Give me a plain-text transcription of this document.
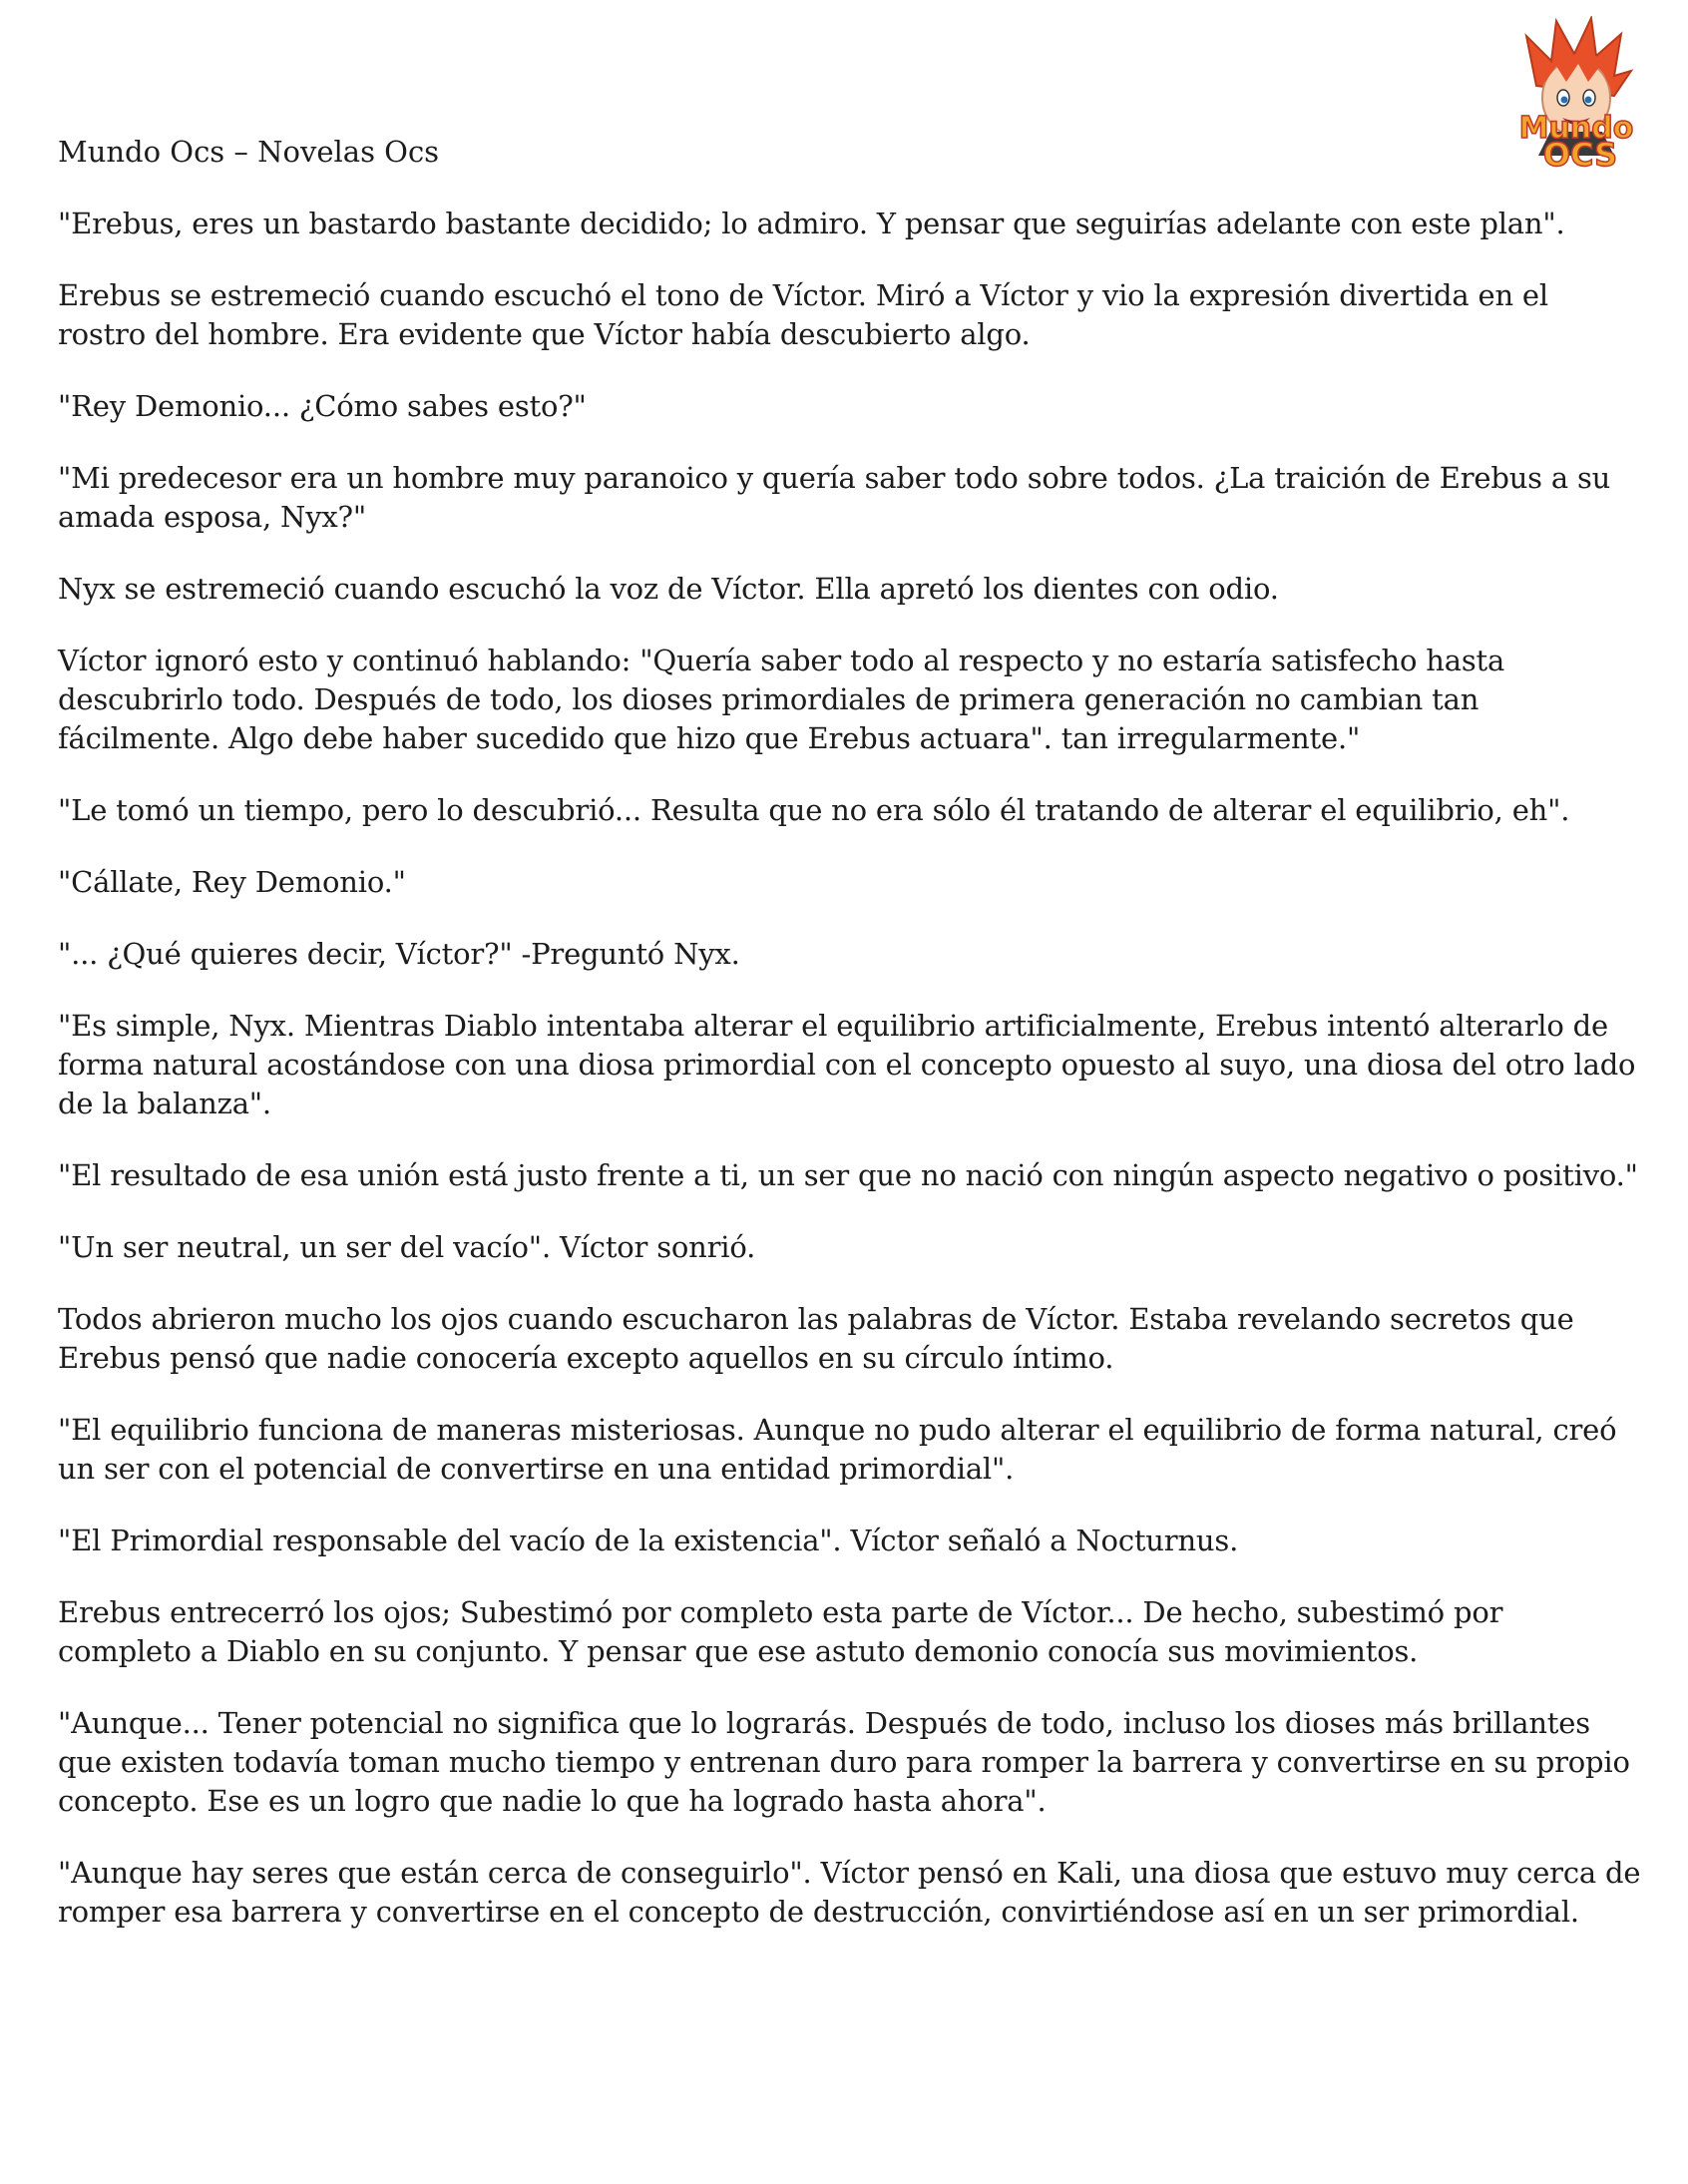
Mundo
OCS
Mundo Ocs – Novelas Ocs

"Erebus, eres un bastardo bastante decidido; lo admiro. Y pensar que seguirías adelante con este plan".

Erebus se estremeció cuando escuchó el tono de Víctor. Miró a Víctor y vio la expresión divertida en el rostro del hombre. Era evidente que Víctor había descubierto algo.

"Rey Demonio... ¿Cómo sabes esto?"

"Mi predecesor era un hombre muy paranoico y quería saber todo sobre todos. ¿La traición de Erebus a su amada esposa, Nyx?"

Nyx se estremeció cuando escuchó la voz de Víctor. Ella apretó los dientes con odio.

Víctor ignoró esto y continuó hablando: "Quería saber todo al respecto y no estaría satisfecho hasta descubrirlo todo. Después de todo, los dioses primordiales de primera generación no cambian tan fácilmente. Algo debe haber sucedido que hizo que Erebus actuara". tan irregularmente."

"Le tomó un tiempo, pero lo descubrió... Resulta que no era sólo él tratando de alterar el equilibrio, eh".

"Cállate, Rey Demonio."

"... ¿Qué quieres decir, Víctor?" -Preguntó Nyx.

"Es simple, Nyx. Mientras Diablo intentaba alterar el equilibrio artificialmente, Erebus intentó alterarlo de forma natural acostándose con una diosa primordial con el concepto opuesto al suyo, una diosa del otro lado de la balanza".

"El resultado de esa unión está justo frente a ti, un ser que no nació con ningún aspecto negativo o positivo."

"Un ser neutral, un ser del vacío". Víctor sonrió.

Todos abrieron mucho los ojos cuando escucharon las palabras de Víctor. Estaba revelando secretos que Erebus pensó que nadie conocería excepto aquellos en su círculo íntimo.

"El equilibrio funciona de maneras misteriosas. Aunque no pudo alterar el equilibrio de forma natural, creó un ser con el potencial de convertirse en una entidad primordial".

"El Primordial responsable del vacío de la existencia". Víctor señaló a Nocturnus.

Erebus entrecerró los ojos; Subestimó por completo esta parte de Víctor... De hecho, subestimó por completo a Diablo en su conjunto. Y pensar que ese astuto demonio conocía sus movimientos.

"Aunque... Tener potencial no significa que lo lograrás. Después de todo, incluso los dioses más brillantes que existen todavía toman mucho tiempo y entrenan duro para romper la barrera y convertirse en su propio concepto. Ese es un logro que nadie lo que ha logrado hasta ahora".

"Aunque hay seres que están cerca de conseguirlo". Víctor pensó en Kali, una diosa que estuvo muy cerca de romper esa barrera y convertirse en el concepto de destrucción, convirtiéndose así en un ser primordial.
